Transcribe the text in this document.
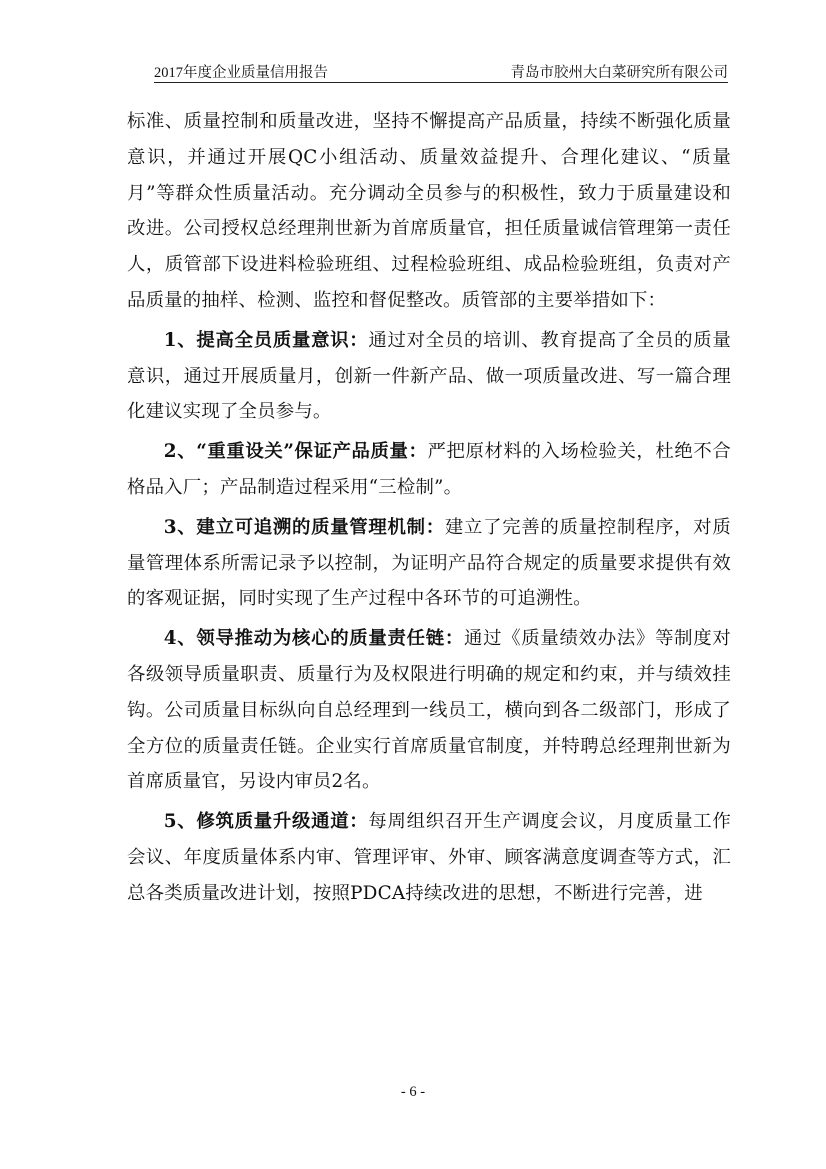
2017年度企业质量信用报告	青岛市胶州大白菜研究所有限公司

标准、质量控制和质量改进，坚持不懈提高产品质量，持续不断强化质量意识，并通过开展QC小组活动、质量效益提升、合理化建议、“质量月”等群众性质量活动。充分调动全员参与的积极性，致力于质量建设和改进。公司授权总经理荆世新为首席质量官，担任质量诚信管理第一责任人，质管部下设进料检验班组、过程检验班组、成品检验班组，负责对产品质量的抽样、检测、监控和督促整改。质管部的主要举措如下：

1、提高全员质量意识：通过对全员的培训、教育提高了全员的质量意识，通过开展质量月，创新一件新产品、做一项质量改进、写一篇合理化建议实现了全员参与。

2、“重重设关”保证产品质量：严把原材料的入场检验关，杜绝不合格品入厂；产品制造过程采用“三检制”。

3、建立可追溯的质量管理机制：建立了完善的质量控制程序，对质量管理体系所需记录予以控制，为证明产品符合规定的质量要求提供有效的客观证据，同时实现了生产过程中各环节的可追溯性。

4、领导推动为核心的质量责任链：通过《质量绩效办法》等制度对各级领导质量职责、质量行为及权限进行明确的规定和约束，并与绩效挂钩。公司质量目标纵向自总经理到一线员工，横向到各二级部门，形成了全方位的质量责任链。企业实行首席质量官制度，并特聘总经理荆世新为首席质量官，另设内审员2名。

5、修筑质量升级通道：每周组织召开生产调度会议，月度质量工作会议、年度质量体系内审、管理评审、外审、顾客满意度调查等方式，汇总各类质量改进计划，按照PDCA持续改进的思想，不断进行完善，进

- 6 -
